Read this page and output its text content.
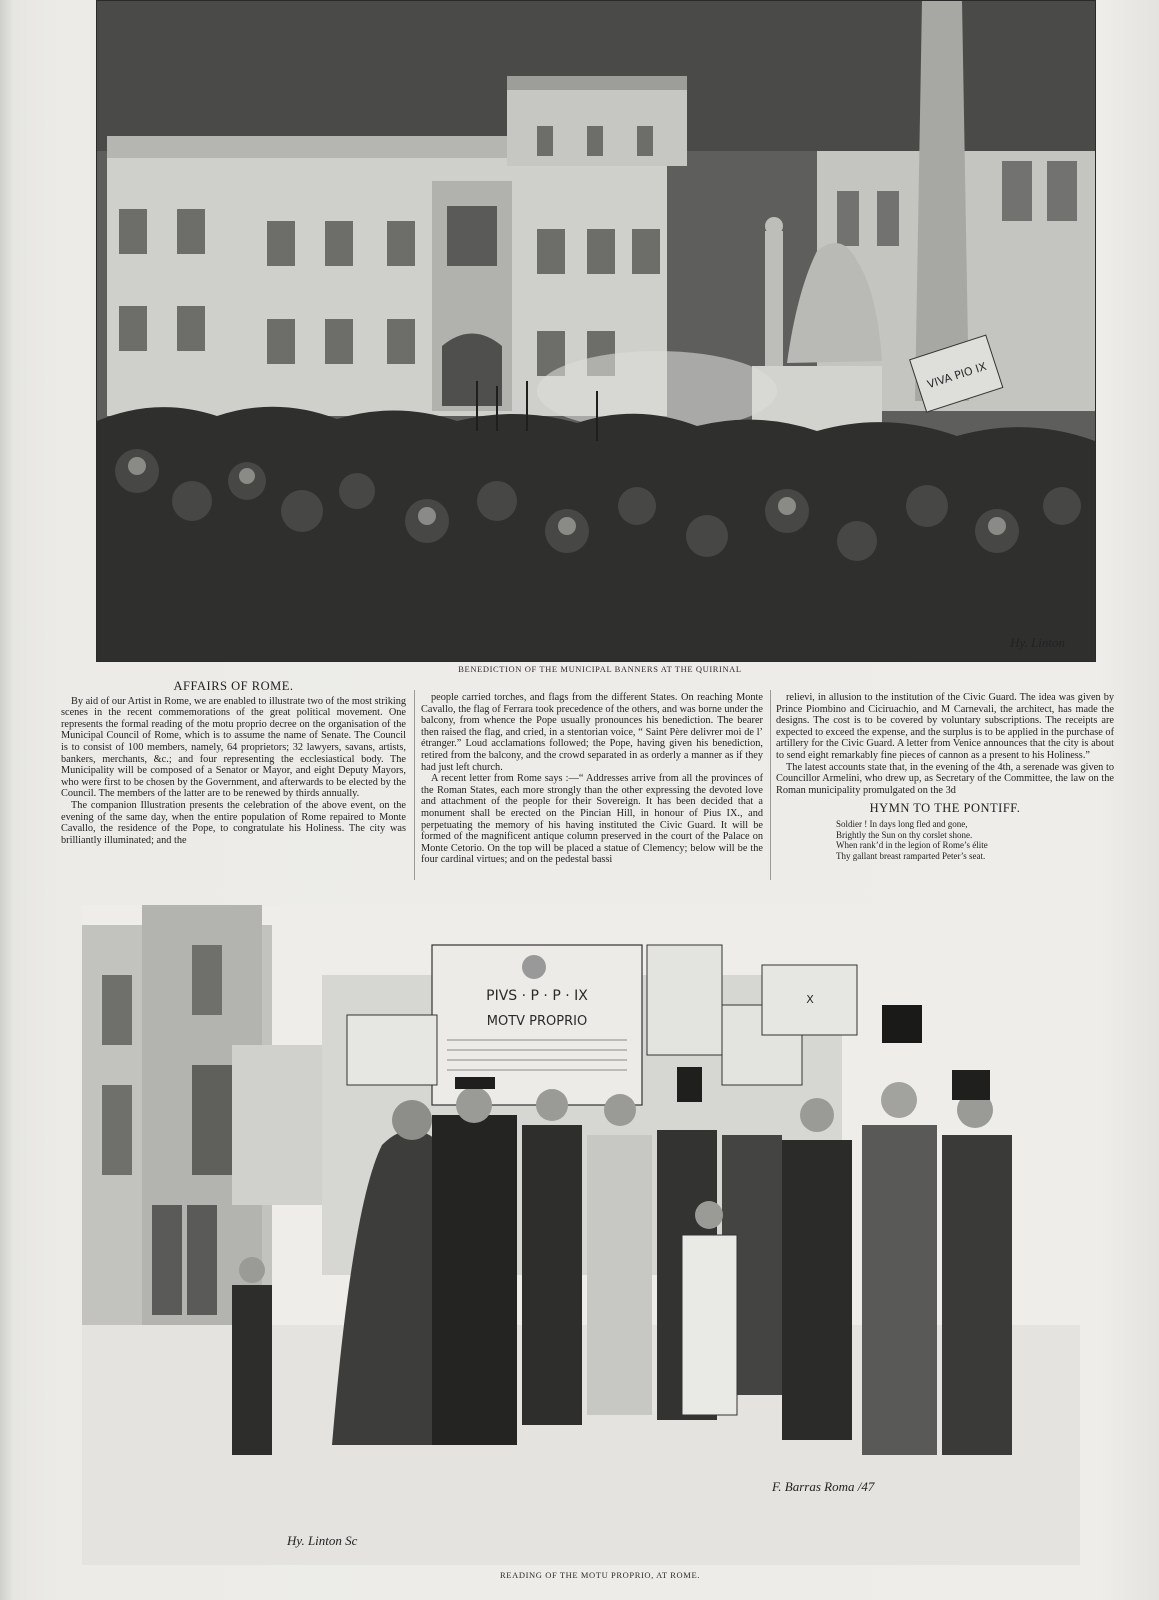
VIVA PIO IX
Hy. Linton
BENEDICTION OF THE MUNICIPAL BANNERS AT THE QUIRINAL
AFFAIRS OF ROME.

By aid of our Artist in Rome, we are enabled to illustrate two of the most striking scenes in the recent commemorations of the great political movement. One represents the formal reading of the motu proprio decree on the organisation of the Municipal Council of Rome, which is to assume the name of Senate. The Council is to consist of 100 members, namely, 64 proprietors; 32 lawyers, savans, artists, bankers, merchants, &c.; and four representing the ecclesiastical body. The Municipality will be composed of a Senator or Mayor, and eight Deputy Mayors, who were first to be chosen by the Government, and afterwards to be elected by the Council. The members of the latter are to be renewed by thirds annually.

The companion Illustration presents the celebration of the above event, on the evening of the same day, when the entire population of Rome repaired to Monte Cavallo, the residence of the Pope, to congratulate his Holiness. The city was brilliantly illuminated; and the

people carried torches, and flags from the different States. On reaching Monte Cavallo, the flag of Ferrara took precedence of the others, and was borne under the balcony, from whence the Pope usually pronounces his benediction. The bearer then raised the flag, and cried, in a stentorian voice, “ Saint Père delivrer moi de l’ étranger.” Loud acclamations followed; the Pope, having given his benediction, retired from the balcony, and the crowd separated in as orderly a manner as if they had just left church.

A recent letter from Rome says :—“ Addresses arrive from all the provinces of the Roman States, each more strongly than the other expressing the devoted love and attachment of the people for their Sovereign. It has been decided that a monument shall be erected on the Pincian Hill, in honour of Pius IX., and perpetuating the memory of his having instituted the Civic Guard. It will be formed of the magnificent antique column preserved in the court of the Palace on Monte Cetorio. On the top will be placed a statue of Clemency; below will be the four cardinal virtues; and on the pedestal bassi

relievi, in allusion to the institution of the Civic Guard. The idea was given by Prince Piombino and Ciciruachio, and M Carnevali, the architect, has made the designs. The cost is to be covered by voluntary subscriptions. The receipts are expected to exceed the expense, and the surplus is to be applied in the purchase of artillery for the Civic Guard. A letter from Venice announces that the city is about to send eight remarkably fine pieces of cannon as a present to his Holiness.”

The latest accounts state that, in the evening of the 4th, a serenade was given to Councillor Armelini, who drew up, as Secretary of the Committee, the law on the Roman municipality promulgated on the 3d

HYMN TO THE PONTIFF.
Soldier ! In days long fled and gone,
Brightly the Sun on thy corslet shone.
When rank’d in the legion of Rome’s élite
Thy gallant breast ramparted Peter’s seat.
PIVS · P · P · IX
MOTV PROPRIO
X
Hy. Linton Sc
F. Barras Roma /47
READING OF THE MOTU PROPRIO, AT ROME.
